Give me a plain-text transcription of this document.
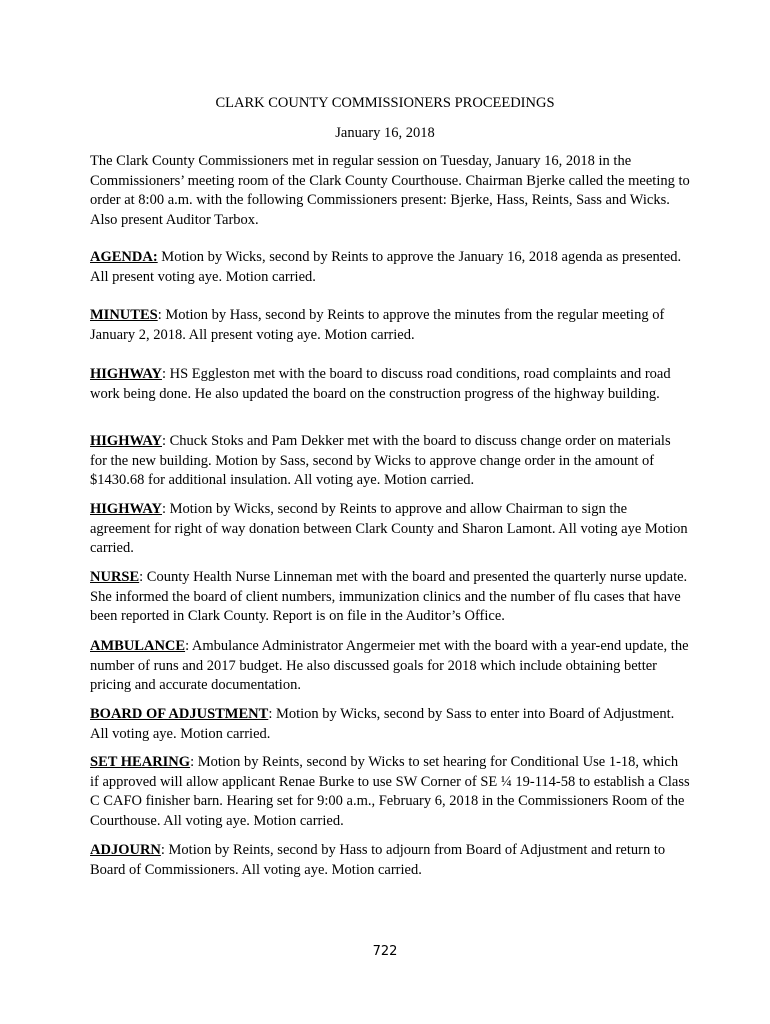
CLARK COUNTY COMMISSIONERS PROCEEDINGS
January 16, 2018

The Clark County Commissioners met in regular session on Tuesday, January 16, 2018 in the Commissioners’ meeting room of the Clark County Courthouse. Chairman Bjerke called the meeting to order at 8:00 a.m. with the following Commissioners present: Bjerke, Hass, Reints, Sass and Wicks. Also present Auditor Tarbox.

AGENDA: Motion by Wicks, second by Reints to approve the January 16, 2018 agenda as presented. All present voting aye. Motion carried.

MINUTES: Motion by Hass, second by Reints to approve the minutes from the regular meeting of January 2, 2018. All present voting aye. Motion carried.

HIGHWAY: HS Eggleston met with the board to discuss road conditions, road complaints and road work being done. He also updated the board on the construction progress of the highway building.

HIGHWAY: Chuck Stoks and Pam Dekker met with the board to discuss change order on materials for the new building. Motion by Sass, second by Wicks to approve change order in the amount of $1430.68 for additional insulation. All voting aye. Motion carried.

HIGHWAY: Motion by Wicks, second by Reints to approve and allow Chairman to sign the agreement for right of way donation between Clark County and Sharon Lamont. All voting aye Motion carried.

NURSE: County Health Nurse Linneman met with the board and presented the quarterly nurse update. She informed the board of client numbers, immunization clinics and the number of flu cases that have been reported in Clark County. Report is on file in the Auditor’s Office.

AMBULANCE: Ambulance Administrator Angermeier met with the board with a year-end update, the number of runs and 2017 budget. He also discussed goals for 2018 which include obtaining better pricing and accurate documentation.

BOARD OF ADJUSTMENT: Motion by Wicks, second by Sass to enter into Board of Adjustment. All voting aye. Motion carried.

SET HEARING: Motion by Reints, second by Wicks to set hearing for Conditional Use 1-18, which if approved will allow applicant Renae Burke to use SW Corner of SE ¼ 19-114-58 to establish a Class C CAFO finisher barn. Hearing set for 9:00 a.m., February 6, 2018 in the Commissioners Room of the Courthouse. All voting aye. Motion carried.

ADJOURN: Motion by Reints, second by Hass to adjourn from Board of Adjustment and return to Board of Commissioners. All voting aye. Motion carried.

722
